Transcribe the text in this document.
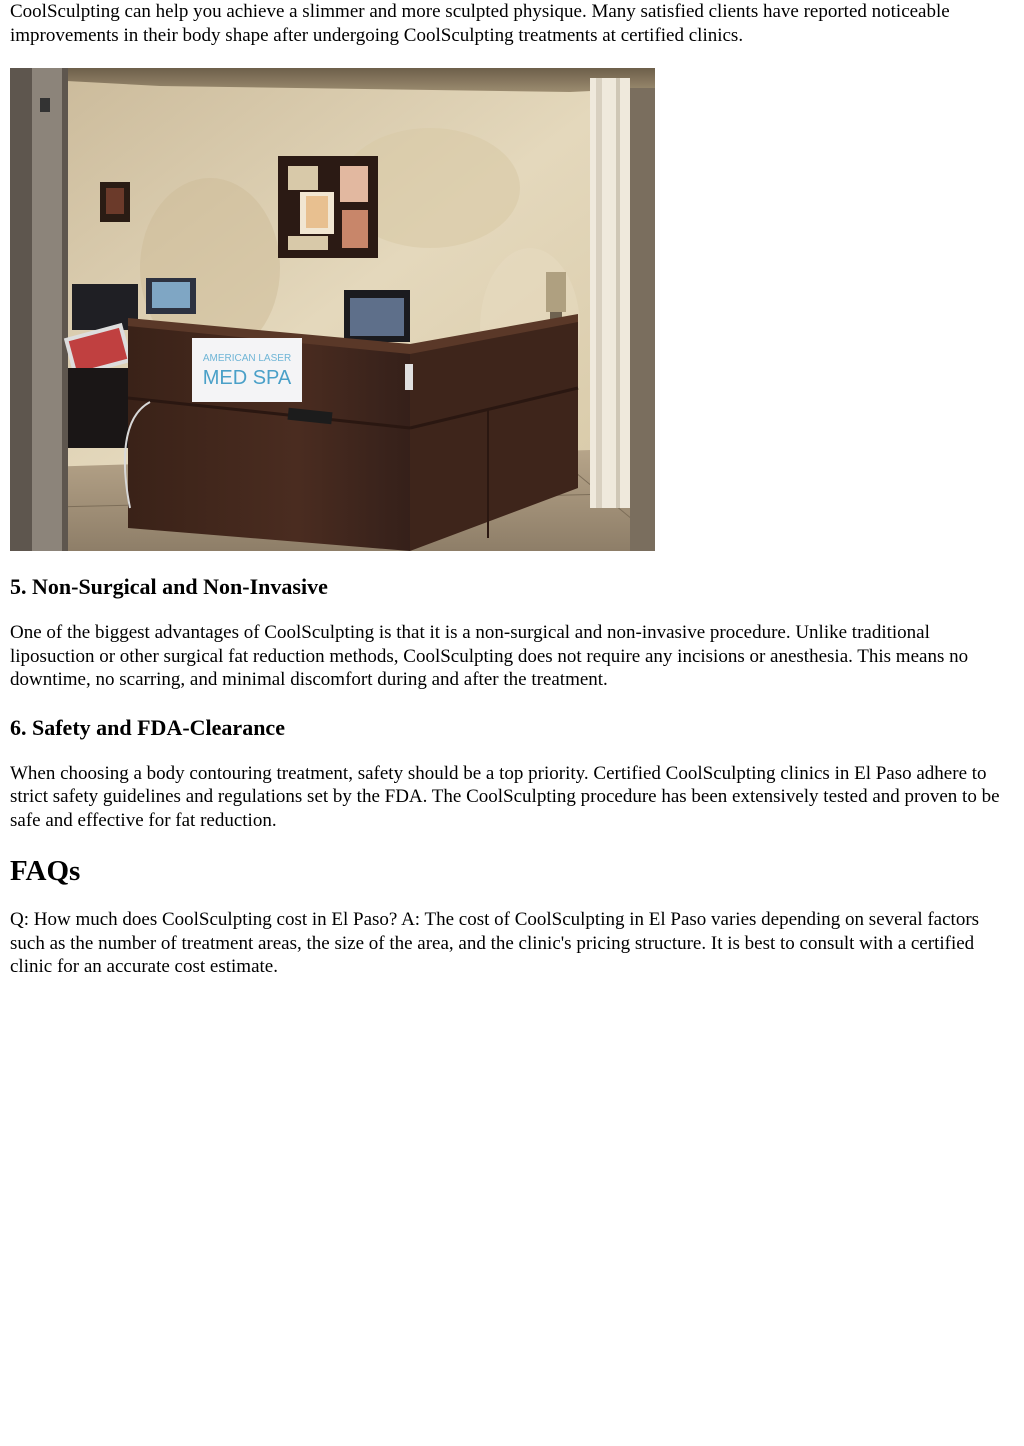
CoolSculpting can help you achieve a slimmer and more sculpted physique. Many satisfied clients have reported noticeable improvements in their body shape after undergoing CoolSculpting treatments at certified clinics.

AMERICAN LASER
MED SPA
5. Non-Surgical and Non-Invasive

One of the biggest advantages of CoolSculpting is that it is a non-surgical and non-invasive procedure. Unlike traditional liposuction or other surgical fat reduction methods, CoolSculpting does not require any incisions or anesthesia. This means no downtime, no scarring, and minimal discomfort during and after the treatment.

6. Safety and FDA-Clearance

When choosing a body contouring treatment, safety should be a top priority. Certified CoolSculpting clinics in El Paso adhere to strict safety guidelines and regulations set by the FDA. The CoolSculpting procedure has been extensively tested and proven to be safe and effective for fat reduction.

FAQs

Q: How much does CoolSculpting cost in El Paso? A: The cost of CoolSculpting in El Paso varies depending on several factors such as the number of treatment areas, the size of the area, and the clinic's pricing structure. It is best to consult with a certified clinic for an accurate cost estimate.
